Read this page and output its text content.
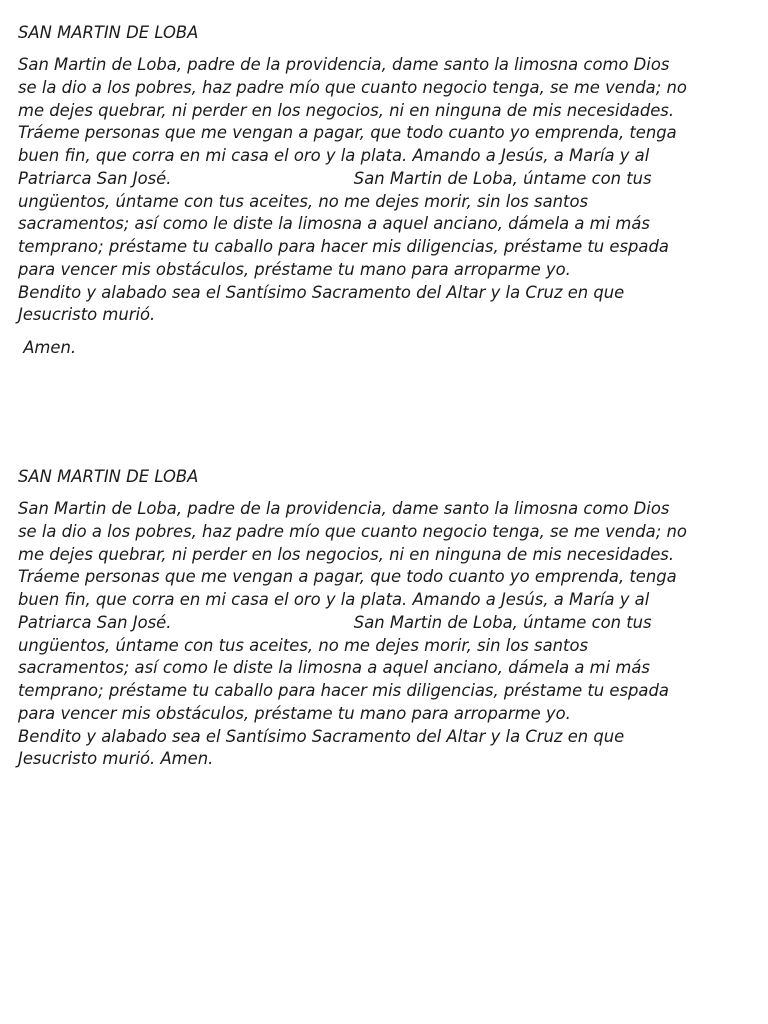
SAN MARTIN DE LOBA
San Martin de Loba, padre de la providencia, dame santo la limosna como Dios
se la dio a los pobres, haz padre mío que cuanto negocio tenga, se me venda; no
me dejes quebrar, ni perder en los negocios, ni en ninguna de mis necesidades.
Tráeme personas que me vengan a pagar, que todo cuanto yo emprenda, tenga
buen fin, que corra en mi casa el oro y la plata. Amando a Jesús, a María y al
Patriarca San José.                                   San Martin de Loba, úntame con tus
ungüentos, úntame con tus aceites, no me dejes morir, sin los santos
sacramentos; así como le diste la limosna a aquel anciano, dámela a mi más
temprano; préstame tu caballo para hacer mis diligencias, préstame tu espada
para vencer mis obstáculos, préstame tu mano para arroparme yo.
Bendito y alabado sea el Santísimo Sacramento del Altar y la Cruz en que
Jesucristo murió.
Amen.
SAN MARTIN DE LOBA
San Martin de Loba, padre de la providencia, dame santo la limosna como Dios
se la dio a los pobres, haz padre mío que cuanto negocio tenga, se me venda; no
me dejes quebrar, ni perder en los negocios, ni en ninguna de mis necesidades.
Tráeme personas que me vengan a pagar, que todo cuanto yo emprenda, tenga
buen fin, que corra en mi casa el oro y la plata. Amando a Jesús, a María y al
Patriarca San José.                                   San Martin de Loba, úntame con tus
ungüentos, úntame con tus aceites, no me dejes morir, sin los santos
sacramentos; así como le diste la limosna a aquel anciano, dámela a mi más
temprano; préstame tu caballo para hacer mis diligencias, préstame tu espada
para vencer mis obstáculos, préstame tu mano para arroparme yo.
Bendito y alabado sea el Santísimo Sacramento del Altar y la Cruz en que
Jesucristo murió. Amen.
